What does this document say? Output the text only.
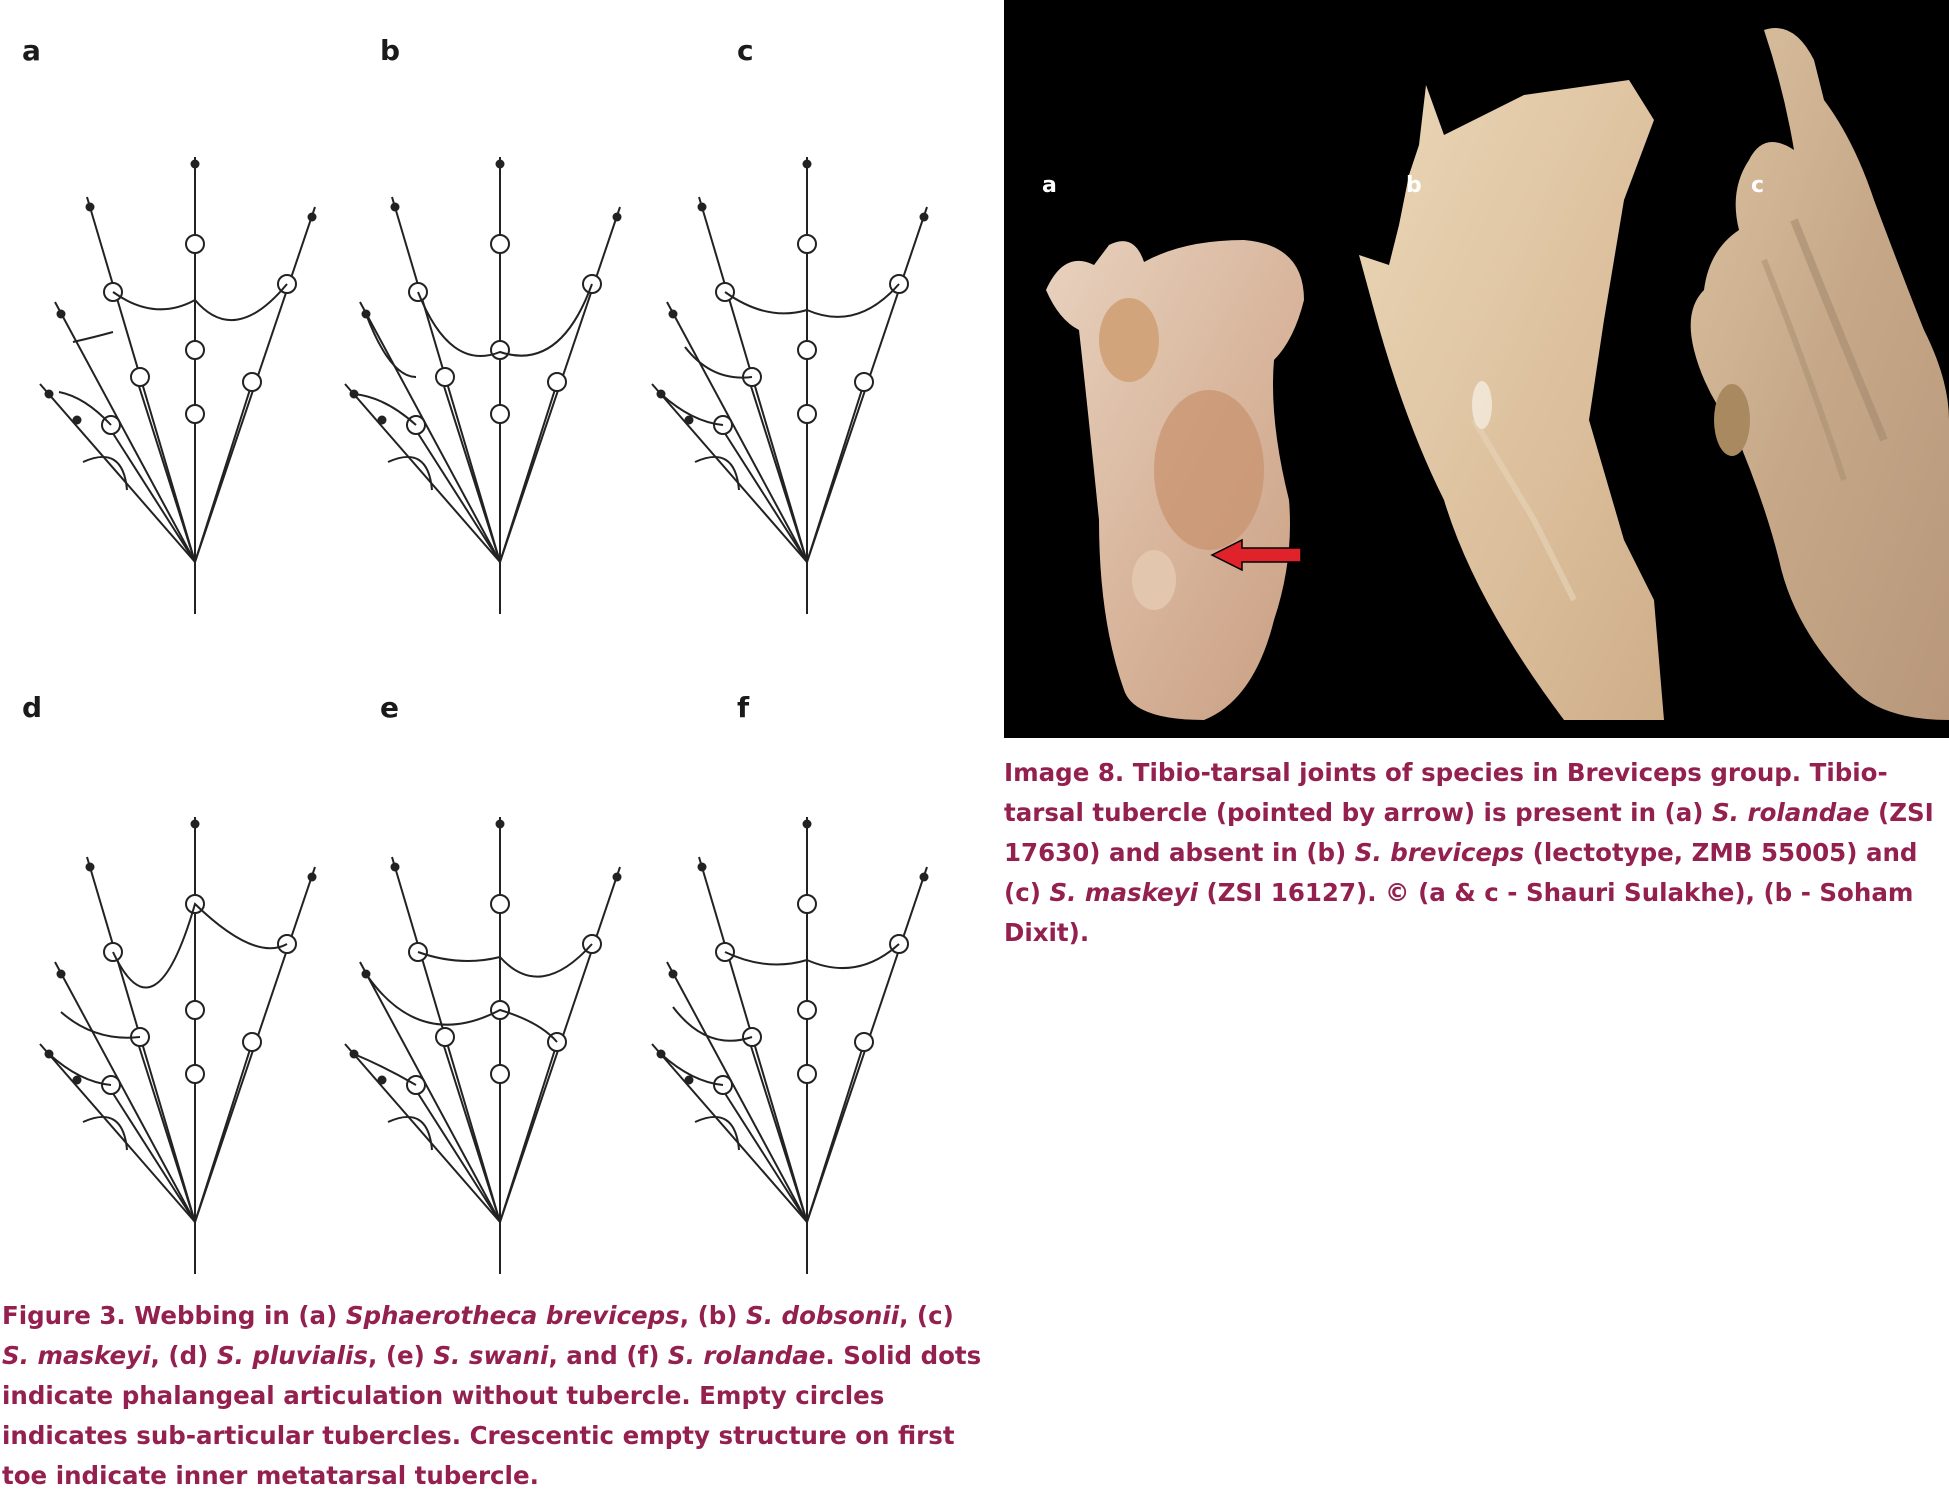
a	b	c
d	e	f
a	b	c

Image 8. Tibio-tarsal joints of species in Breviceps group. Tibio-tarsal tubercle (pointed by arrow) is present in (a) S. rolandae (ZSI 17630) and absent in (b) S. breviceps (lectotype, ZMB 55005) and (c) S. maskeyi (ZSI 16127). © (a & c - Shauri Sulakhe), (b - Soham Dixit).

Figure 3. Webbing in (a) Sphaerotheca breviceps, (b) S. dobsonii, (c) S. maskeyi, (d) S. pluvialis, (e) S. swani, and (f) S. rolandae. Solid dots indicate phalangeal articulation without tubercle. Empty circles indicates sub-articular tubercles. Crescentic empty structure on first toe indicate inner metatarsal tubercle.
